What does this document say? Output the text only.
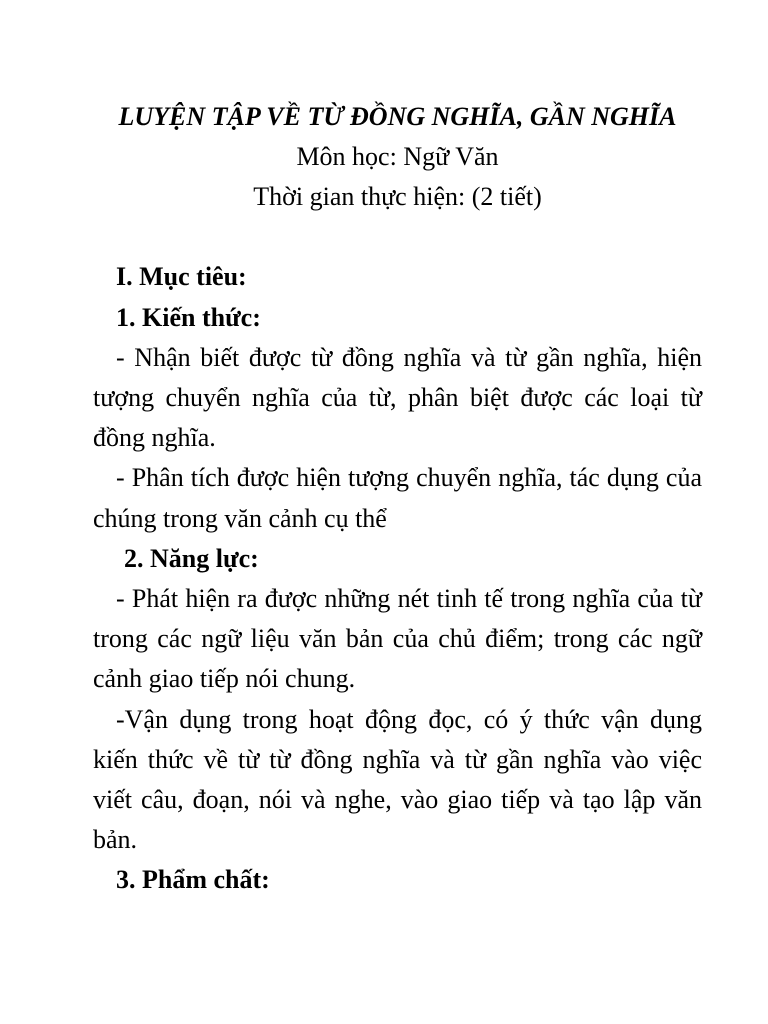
LUYỆN TẬP VỀ TỪ ĐỒNG NGHĨA, GẦN NGHĨA

Môn học: Ngữ Văn

Thời gian thực hiện: (2 tiết)

I. Mục tiêu:

1. Kiến thức:

- Nhận biết được từ đồng nghĩa và từ gần nghĩa, hiện tượng chuyển nghĩa của từ, phân biệt được các loại từ đồng nghĩa.

- Phân tích được hiện tượng chuyển nghĩa, tác dụng của chúng trong văn cảnh cụ thể

2. Năng lực:

- Phát hiện ra được những nét tinh tế trong nghĩa của từ trong các ngữ liệu văn bản của chủ điểm; trong các ngữ cảnh giao tiếp nói chung.

-Vận dụng trong hoạt động đọc, có ý thức vận dụng kiến thức về từ từ đồng nghĩa và từ gần nghĩa vào việc viết câu, đoạn, nói và nghe, vào giao tiếp và tạo lập văn bản.

3. Phẩm chất:
